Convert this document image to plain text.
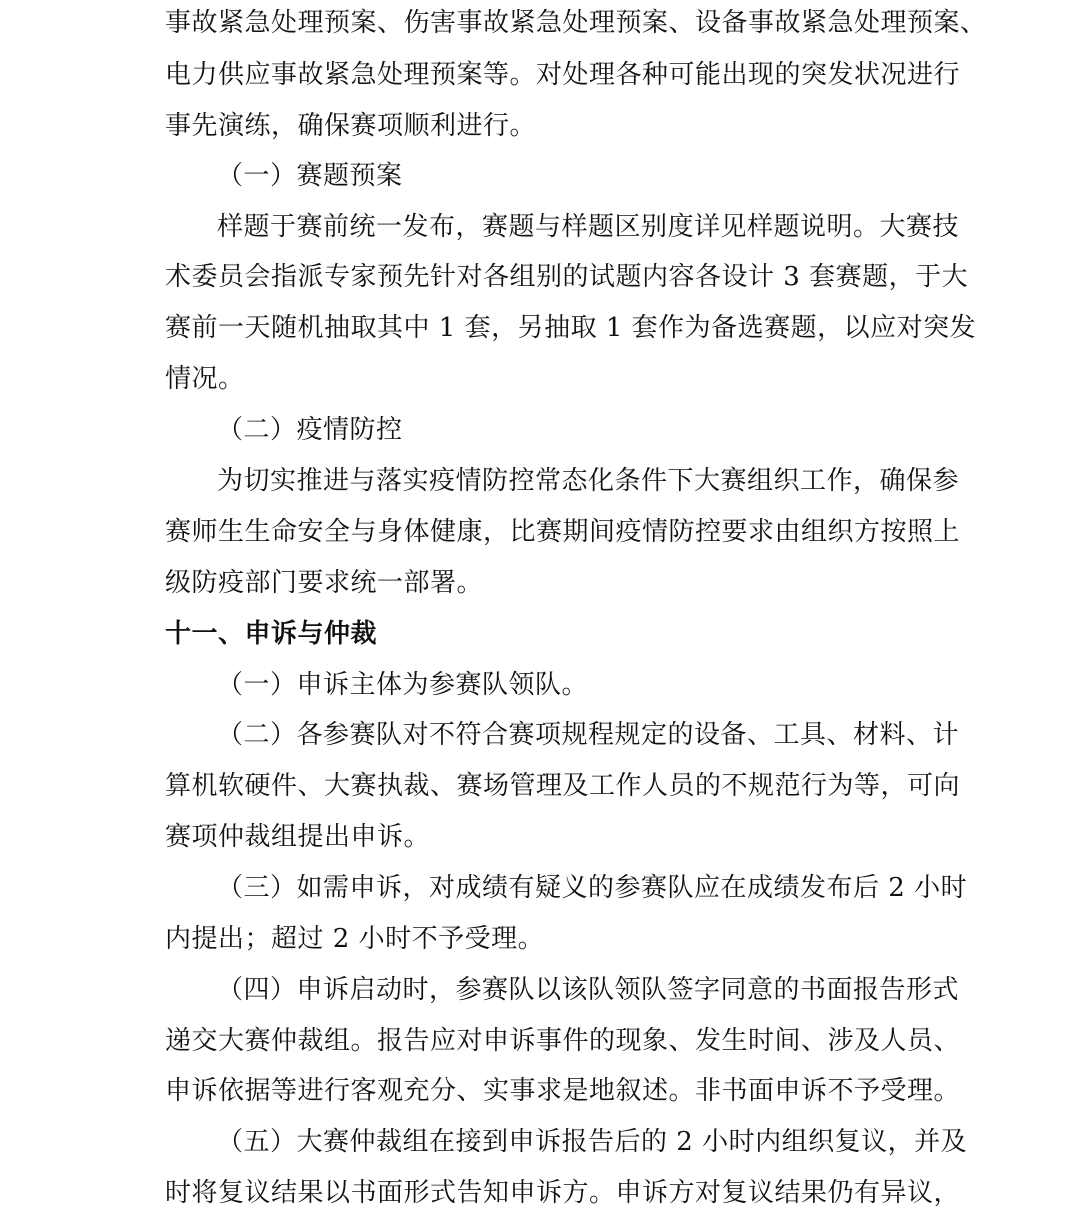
事故紧急处理预案、伤害事故紧急处理预案、设备事故紧急处理预案、
电力供应事故紧急处理预案等。对处理各种可能出现的突发状况进行
事先演练，确保赛项顺利进行。
（一）赛题预案
样题于赛前统一发布，赛题与样题区别度详见样题说明。大赛技
术委员会指派专家预先针对各组别的试题内容各设计 3 套赛题，于大
赛前一天随机抽取其中 1 套，另抽取 1 套作为备选赛题，以应对突发
情况。
（二）疫情防控
为切实推进与落实疫情防控常态化条件下大赛组织工作，确保参
赛师生生命安全与身体健康，比赛期间疫情防控要求由组织方按照上
级防疫部门要求统一部署。
十一、申诉与仲裁
（一）申诉主体为参赛队领队。
（二）各参赛队对不符合赛项规程规定的设备、工具、材料、计
算机软硬件、大赛执裁、赛场管理及工作人员的不规范行为等，可向
赛项仲裁组提出申诉。
（三）如需申诉，对成绩有疑义的参赛队应在成绩发布后 2 小时
内提出；超过 2 小时不予受理。
（四）申诉启动时，参赛队以该队领队签字同意的书面报告形式
递交大赛仲裁组。报告应对申诉事件的现象、发生时间、涉及人员、
申诉依据等进行客观充分、实事求是地叙述。非书面申诉不予受理。
（五）大赛仲裁组在接到申诉报告后的 2 小时内组织复议，并及
时将复议结果以书面形式告知申诉方。申诉方对复议结果仍有异议，
